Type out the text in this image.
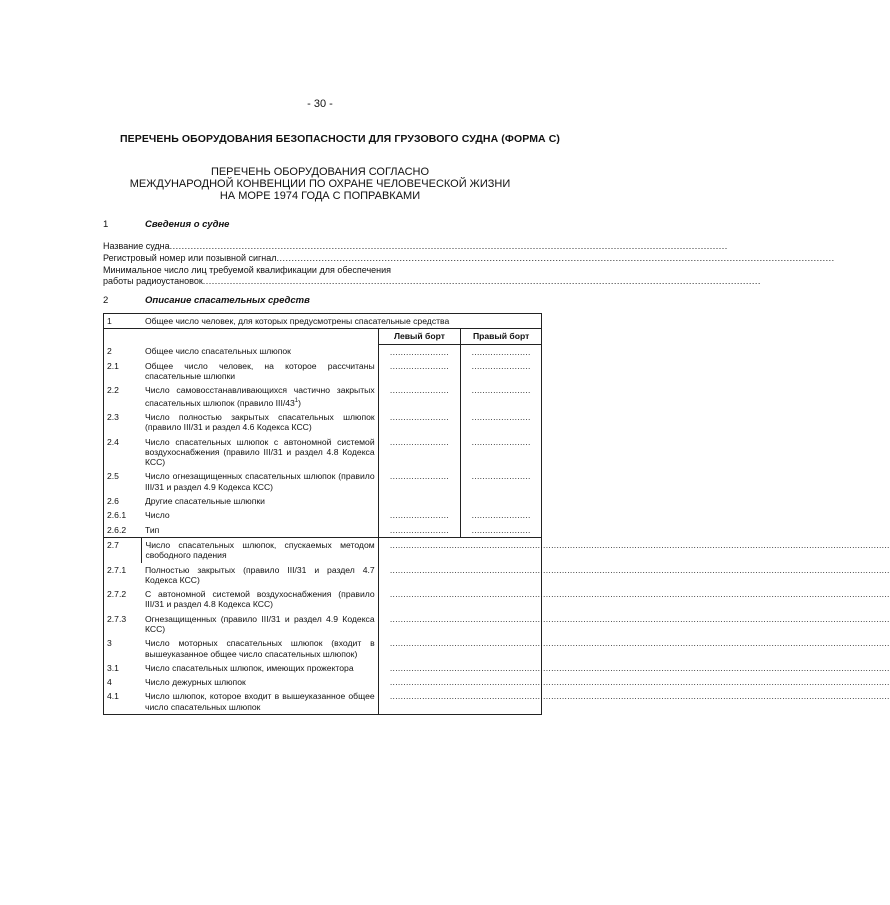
- 30 -
ПЕРЕЧЕНЬ ОБОРУДОВАНИЯ БЕЗОПАСНОСТИ ДЛЯ ГРУЗОВОГО СУДНА (ФОРМА С)
ПЕРЕЧЕНЬ ОБОРУДОВАНИЯ СОГЛАСНО
МЕЖДУНАРОДНОЙ КОНВЕНЦИИ ПО ОХРАНЕ ЧЕЛОВЕЧЕСКОЙ ЖИЗНИ
НА МОРЕ 1974 ГОДА С ПОПРАВКАМИ
1	Сведения о судне
Название судна ..........................................................................................................................................................................................
Регистровый номер или позывной сигнал ..........................................................................................................................................................................................
Минимальное число лиц требуемой квалификации для обеспечения
работы радиоустановок ..........................................................................................................................................................................................
2	Описание спасательных средств
1	Общее число человек, для которых предусмотрены спасательные средства		
		Левый борт	Правый борт
2	Общее число спасательных шлюпок	......................	......................

2.1	Общее число человек, на которое рассчитаны спасательные шлюпки	......................	......................

2.2	Число самовосстанавливающихся частично закрытых спасательных шлюпок (правило III/$43^1$)	......................	......................

2.3	Число полностью закрытых спасательных шлюпок (правило III/31 и раздел 4.6 Кодекса КСС)	......................	......................

2.4	Число спасательных шлюпок с автономной системой воздухоснабжения (правило III/31 и раздел 4.8 Кодекса КСС)	......................	......................

2.5	Число огнезащищенных спасательных шлюпок (правило III/31 и раздел 4.9 Кодекса КСС)	......................	......................

2.6	Другие спасательные шлюпки		
2.6.1	Число	......................	......................

2.6.2	Тип	......................	......................

2.7	Число спасательных шлюпок, спускаемых методом свободного падения	..........................................................................................................................................................................................	

2.7.1	Полностью закрытых (правило III/31 и раздел 4.7 Кодекса КСС)	..........................................................................................................................................................................................	

2.7.2	С автономной системой воздухоснабжения (правило III/31 и раздел 4.8 Кодекса КСС)	..........................................................................................................................................................................................	

2.7.3	Огнезащищенных (правило III/31 и раздел 4.9 Кодекса КСС)	..........................................................................................................................................................................................	

3	Число моторных спасательных шлюпок (входит в вышеуказанное общее число спасательных шлюпок)	..........................................................................................................................................................................................	

3.1	Число спасательных шлюпок, имеющих прожектора	..........................................................................................................................................................................................	

4	Число дежурных шлюпок	..........................................................................................................................................................................................	

4.1	Число шлюпок, которое входит в вышеуказанное общее число спасательных шлюпок	..........................................................................................................................................................................................	
